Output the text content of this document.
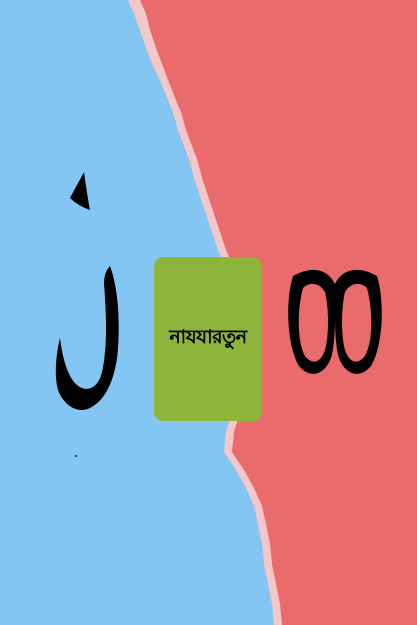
নাযযারতুন
